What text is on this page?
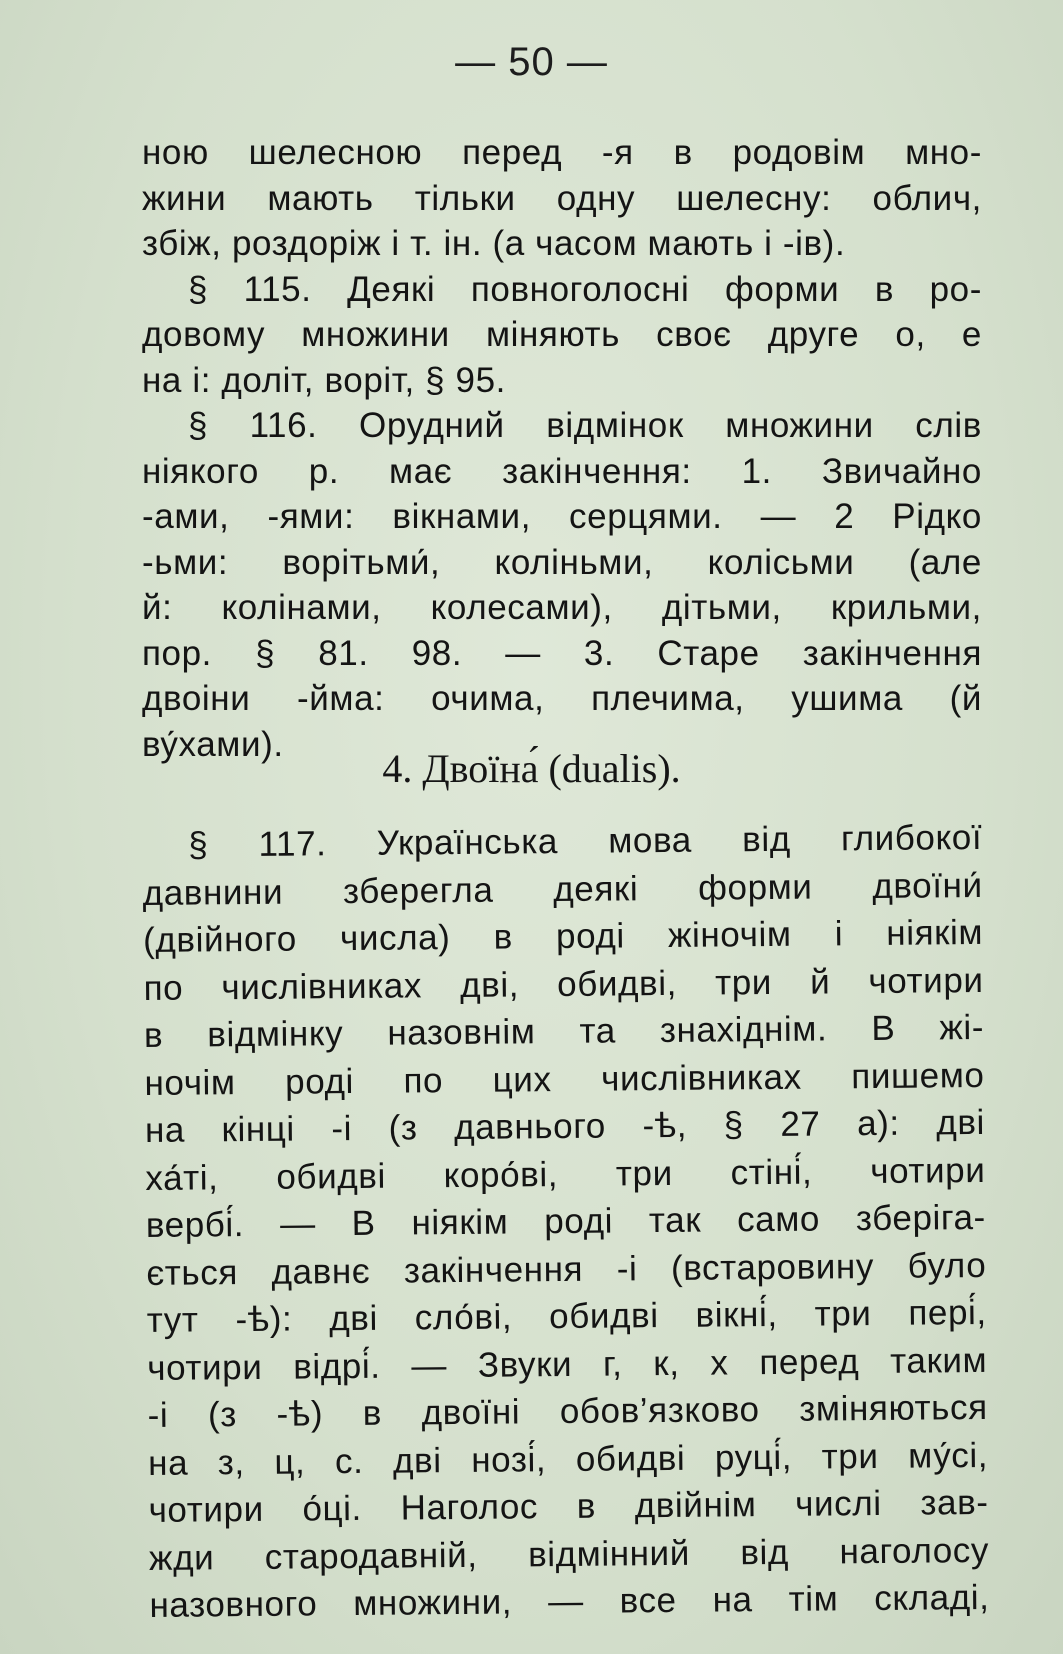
— 50 —
ною шелесною перед -я в родовім мно-
жини мають тільки одну шелесну: облич,
збіж, роздоріж і т. ін. (а часом мають і -ів).
§ 115. Деякі повноголосні форми в ро-
довому множини міняють своє друге о, е
на і: доліт, воріт, § 95.
§ 116. Орудний відмінок множини слів
ніякого р. має закінчення: 1. Звичайно
-ами, -ями: вікнами, серцями. — 2 Рідко
-ьми: ворітьми́, коліньми, колісьми (але
й: колінами, колесами), дітьми, крильми,
пор. § 81. 98. — 3. Старе закінчення
двоіни -йма: очима, плечима, ушима (й
ву́хами).
4. Двоїна́ (dualis).
§ 117. Українська мова від глибокої
давнини зберегла деякі форми двоїни́
(двійного числа) в роді жіночім і ніякім
по числівниках дві, обидві, три й чотири
в відмінку назовнім та знахіднім. В жі-
ночім роді по цих числівниках пишемо
на кінці -і (з давнього -ѣ, § 27 а): дві
ха́ті, обидві коро́ві, три стіні́, чотири
вербі́. — В ніякім роді так само зберіга-
ється давнє закінчення -і (встаровину було
тут -ѣ): дві сло́ві, обидві вікні́, три пері́,
чотири відрі́. — Звуки г, к, х перед таким
-і (з -ѣ) в двоїні обов’язково зміняються
на з, ц, с. дві нозі́, обидві руці́, три му́сі,
чотири о́ці. Наголос в двійнім числі зав-
жди стародавній, відмінний від наголосу
назовного множини, — все на тім складі,
